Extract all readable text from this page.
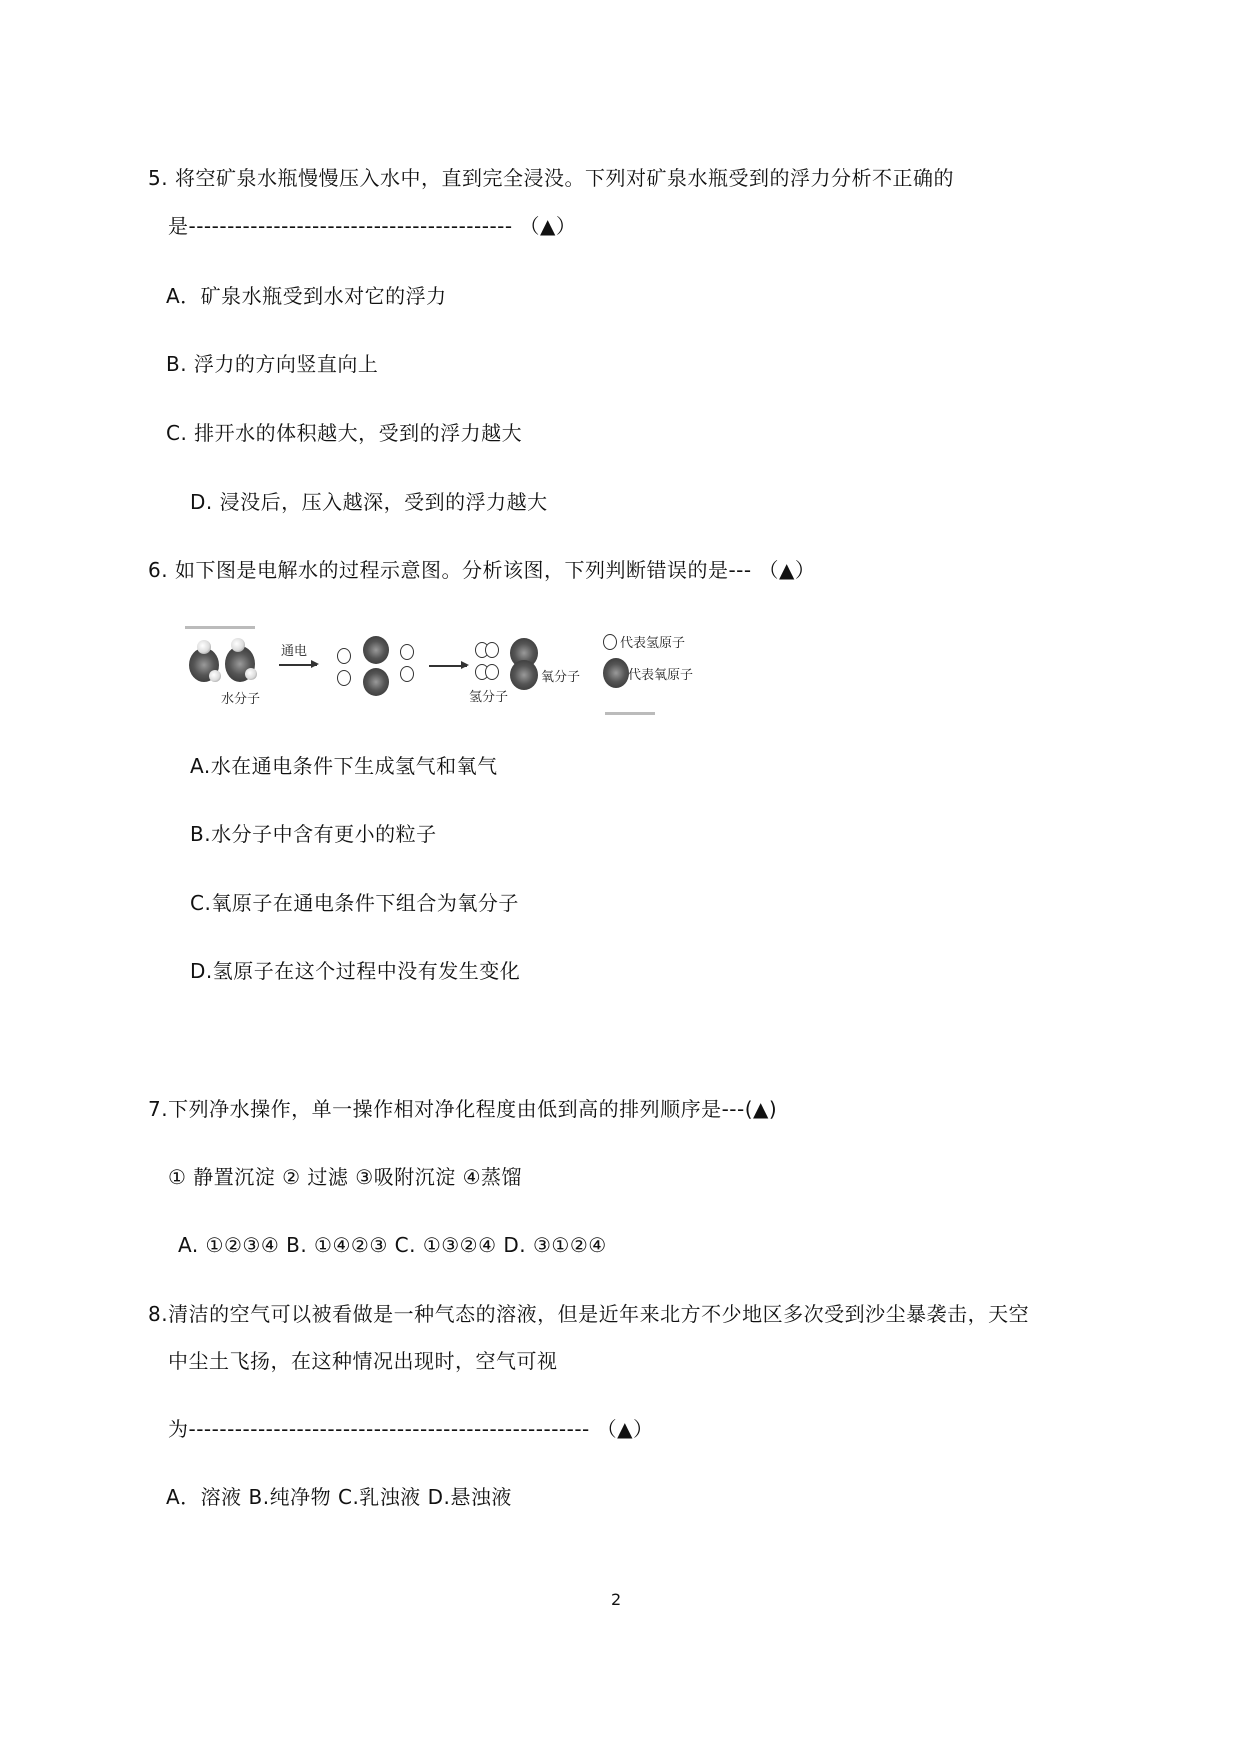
5. 将空矿泉水瓶慢慢压入水中，直到完全浸没。下列对矿泉水瓶受到的浮力分析不正确的
是------------------------------------------ （▲）
A．矿泉水瓶受到水对它的浮力
B. 浮力的方向竖直向上
C. 排开水的体积越大，受到的浮力越大
D. 浸没后，压入越深，受到的浮力越大
6. 如下图是电解水的过程示意图。分析该图，下列判断错误的是--- （▲）
水分子
通电
氢分子
氧分子
代表氢原子
代表氧原子
A.水在通电条件下生成氢气和氧气
B.水分子中含有更小的粒子
C.氧原子在通电条件下组合为氧分子
D.氢原子在这个过程中没有发生变化
7.下列净水操作，单一操作相对净化程度由低到高的排列顺序是---(▲)
① 静置沉淀 ② 过滤 ③吸附沉淀 ④蒸馏
A. ①②③④ B. ①④②③ C. ①③②④ D. ③①②④
8.清洁的空气可以被看做是一种气态的溶液，但是近年来北方不少地区多次受到沙尘暴袭击，天空
中尘土飞扬，在这种情况出现时，空气可视
为---------------------------------------------------- （▲）
A．溶液 B.纯净物 C.乳浊液 D.悬浊液
2
